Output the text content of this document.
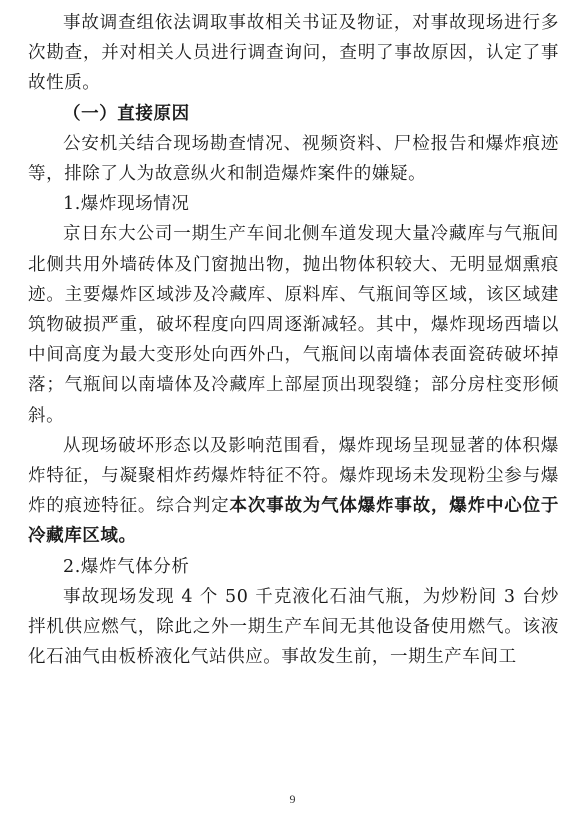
事故调查组依法调取事故相关书证及物证，对事故现场进行多次勘查，并对相关人员进行调查询问，查明了事故原因，认定了事故性质。

（一）直接原因

公安机关结合现场勘查情况、视频资料、尸检报告和爆炸痕迹等，排除了人为故意纵火和制造爆炸案件的嫌疑。

1.爆炸现场情况

京日东大公司一期生产车间北侧车道发现大量冷藏库与气瓶间北侧共用外墙砖体及门窗抛出物，抛出物体积较大、无明显烟熏痕迹。主要爆炸区域涉及冷藏库、原料库、气瓶间等区域，该区域建筑物破损严重，破坏程度向四周逐渐减轻。其中，爆炸现场西墙以中间高度为最大变形处向西外凸，气瓶间以南墙体表面瓷砖破坏掉落；气瓶间以南墙体及冷藏库上部屋顶出现裂缝；部分房柱变形倾斜。

从现场破坏形态以及影响范围看，爆炸现场呈现显著的体积爆炸特征，与凝聚相炸药爆炸特征不符。爆炸现场未发现粉尘参与爆炸的痕迹特征。综合判定本次事故为气体爆炸事故，爆炸中心位于冷藏库区域。

2.爆炸气体分析

事故现场发现 4 个 50 千克液化石油气瓶，为炒粉间 3 台炒拌机供应燃气，除此之外一期生产车间无其他设备使用燃气。该液化石油气由板桥液化气站供应。事故发生前，一期生产车间工

9
